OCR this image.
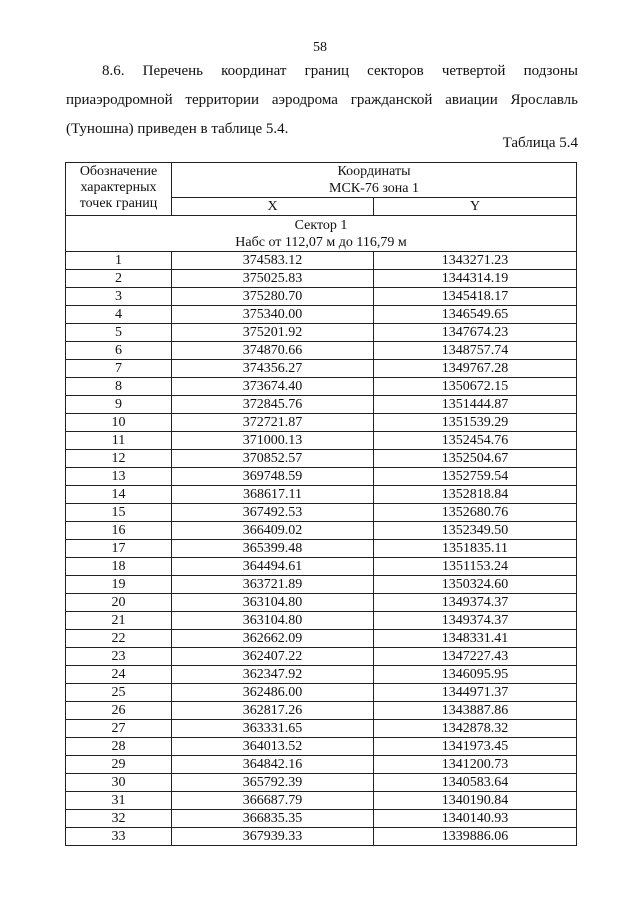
58
8.6. Перечень координат границ секторов четвертой подзоны
приаэродромной территории аэродрома гражданской авиации Ярославль
(Туношна) приведен в таблице 5.4.
Таблица 5.4
Обозначение
характерных
точек границ	Координаты	
	МСК-76 зона 1	
	X	Y

Сектор 1
Набс от 112,07 м до 116,79 м		

1	374583.12	1343271.23
2	375025.83	1344314.19
3	375280.70	1345418.17
4	375340.00	1346549.65
5	375201.92	1347674.23
6	374870.66	1348757.74
7	374356.27	1349767.28
8	373674.40	1350672.15
9	372845.76	1351444.87
10	372721.87	1351539.29
11	371000.13	1352454.76
12	370852.57	1352504.67
13	369748.59	1352759.54
14	368617.11	1352818.84
15	367492.53	1352680.76
16	366409.02	1352349.50
17	365399.48	1351835.11
18	364494.61	1351153.24
19	363721.89	1350324.60
20	363104.80	1349374.37
21	363104.80	1349374.37
22	362662.09	1348331.41
23	362407.22	1347227.43
24	362347.92	1346095.95
25	362486.00	1344971.37
26	362817.26	1343887.86
27	363331.65	1342878.32
28	364013.52	1341973.45
29	364842.16	1341200.73
30	365792.39	1340583.64
31	366687.79	1340190.84
32	366835.35	1340140.93
33	367939.33	1339886.06
